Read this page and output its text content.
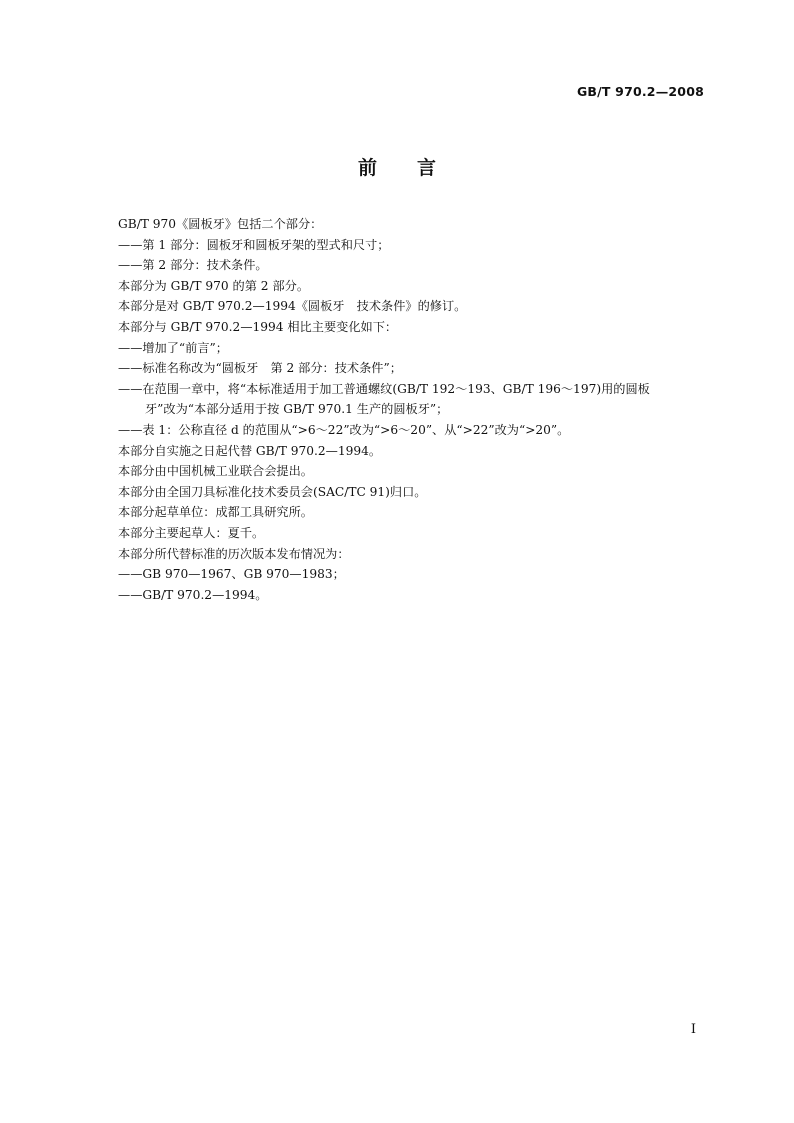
GB/T 970.2—2008
前言

GB/T 970《圆板牙》包括二个部分：

——第 1 部分：圆板牙和圆板牙架的型式和尺寸；

——第 2 部分：技术条件。

本部分为 GB/T 970 的第 2 部分。

本部分是对 GB/T 970.2—1994《圆板牙　技术条件》的修订。

本部分与 GB/T 970.2—1994 相比主要变化如下：

——增加了“前言”；

——标准名称改为“圆板牙　第 2 部分：技术条件”；

——在范围一章中，将“本标准适用于加工普通螺纹(GB/T 192～193、GB/T 196～197)用的圆板

牙”改为“本部分适用于按 GB/T 970.1 生产的圆板牙”；

——表 1：公称直径 d 的范围从“>6～22”改为“>6～20”、从“>22”改为“>20”。

本部分自实施之日起代替 GB/T 970.2—1994。

本部分由中国机械工业联合会提出。

本部分由全国刀具标准化技术委员会(SAC/TC 91)归口。

本部分起草单位：成都工具研究所。

本部分主要起草人：夏千。

本部分所代替标准的历次版本发布情况为：

——GB 970—1967、GB 970—1983；

——GB/T 970.2—1994。

I
